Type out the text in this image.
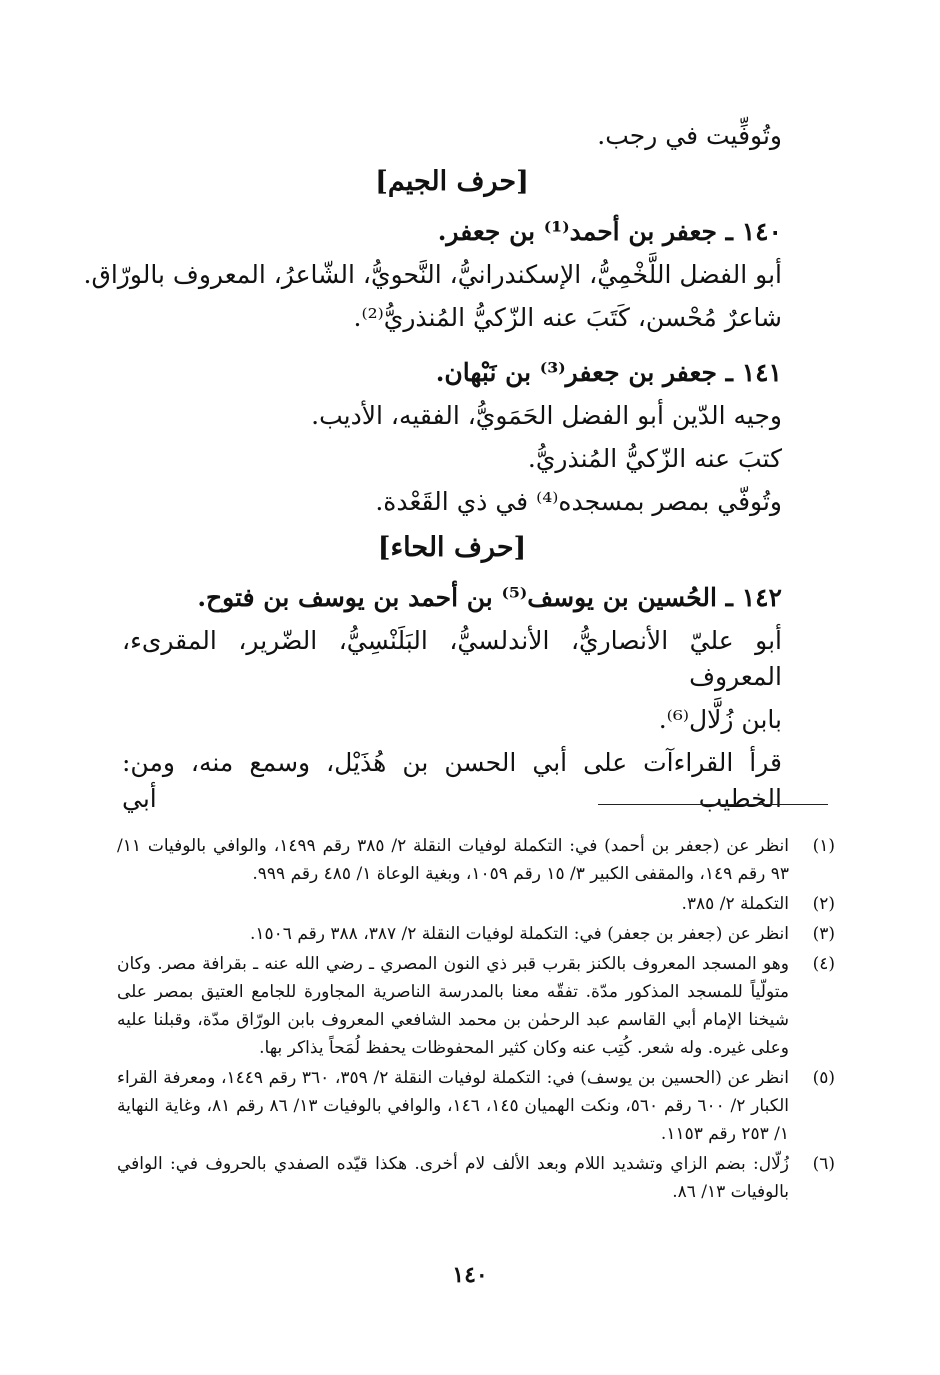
وتُوفِّيت في رجب.
[حرف الجيم]
١٤٠ ـ جعفر بن أحمد⁽¹⁾ بن جعفر.
أبو الفضل اللَّخْمِيُّ، الإسكندرانيُّ، النَّحويُّ، الشّاعرُ، المعروف بالورّاق.
شاعرٌ مُحْسن، كَتَبَ عنه الزّكيُّ المُنذريُّ⁽²⁾.
١٤١ ـ جعفر بن جعفر⁽³⁾ بن نَبْهان.
وجيه الدّين أبو الفضل الحَمَويُّ، الفقيه، الأديب.
كتبَ عنه الزّكيُّ المُنذريُّ.
وتُوفّي بمصر بمسجده⁽⁴⁾ في ذي القَعْدة.
[حرف الحاء]
١٤٢ ـ الحُسين بن يوسف⁽⁵⁾ بن أحمد بن يوسف بن فتوح.
أبو عليّ الأنصاريُّ، الأندلسيُّ، البَلَنْسِيُّ، الضّرير، المقرىء، المعروف
بابن زُلَّال⁽⁶⁾.
قرأ القراءآت على أبي الحسن بن هُذَيْل، وسمع منه، ومن: الخطيب أبي
(١)
انظر عن (جعفر بن أحمد) في: التكملة لوفيات النقلة ٢/ ٣٨٥ رقم ١٤٩٩، والوافي بالوفيات ١١/ ٩٣ رقم ١٤٩، والمقفى الكبير ٣/ ١٥ رقم ١٠٥٩، وبغية الوعاة ١/ ٤٨٥ رقم ٩٩٩.
(٢)
التكملة ٢/ ٣٨٥.
(٣)
انظر عن (جعفر بن جعفر) في: التكملة لوفيات النقلة ٢/ ٣٨٧، ٣٨٨ رقم ١٥٠٦.
(٤)
وهو المسجد المعروف بالكنز بقرب قبر ذي النون المصري ـ رضي الله عنه ـ بقرافة مصر. وكان متولّياً للمسجد المذكور مدّة. تفقّه معنا بالمدرسة الناصرية المجاورة للجامع العتيق بمصر على شيخنا الإمام أبي القاسم عبد الرحمٰن بن محمد الشافعي المعروف بابن الورّاق مدّة، وقبلنا عليه وعلى غيره. وله شعر. كُتِب عنه وكان كثير المحفوظات يحفظ لُمَحاً يذاكر بها.
(٥)
انظر عن (الحسين بن يوسف) في: التكملة لوفيات النقلة ٢/ ٣٥٩، ٣٦٠ رقم ١٤٤٩، ومعرفة القراء الكبار ٢/ ٦٠٠ رقم ٥٦٠، ونكت الهميان ١٤٥، ١٤٦، والوافي بالوفيات ١٣/ ٨٦ رقم ٨١، وغاية النهاية ١/ ٢٥٣ رقم ١١٥٣.
(٦)
زُلّال: بضم الزاي وتشديد اللام وبعد الألف لام أخرى. هكذا قيّده الصفدي بالحروف في: الوافي بالوفيات ١٣/ ٨٦.
١٤٠
